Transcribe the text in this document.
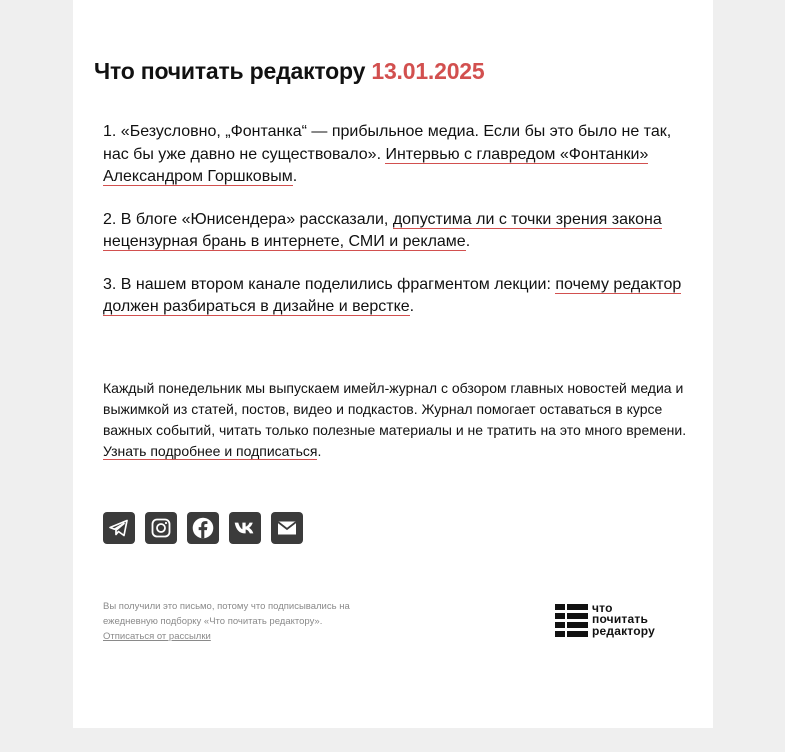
Что почитать редактору 13.01.2025

1. «Безусловно, „Фонтанка“ — прибыльное медиа. Если бы это было не так, нас бы уже давно не существовало». Интервью с главредом «Фонтанки» Александром Горшковым.

2. В блоге «Юнисендера» рассказали, допустима ли с точки зрения закона нецензурная брань в интернете, СМИ и рекламе.

3. В нашем втором канале поделились фрагментом лекции: почему редактор должен разбираться в дизайне и верстке.

Каждый понедельник мы выпускаем имейл-журнал с обзором главных новостей медиа и выжимкой из статей, постов, видео и подкастов. Журнал помогает оставаться в курсе важных событий, читать только полезные материалы и не тратить на это много времени. Узнать подробнее и подписаться.

Вы получили это письмо, потому что подписывались на
ежедневную подборку «Что почитать редактору».
Отписаться от рассылки

что
почитать
редактору
